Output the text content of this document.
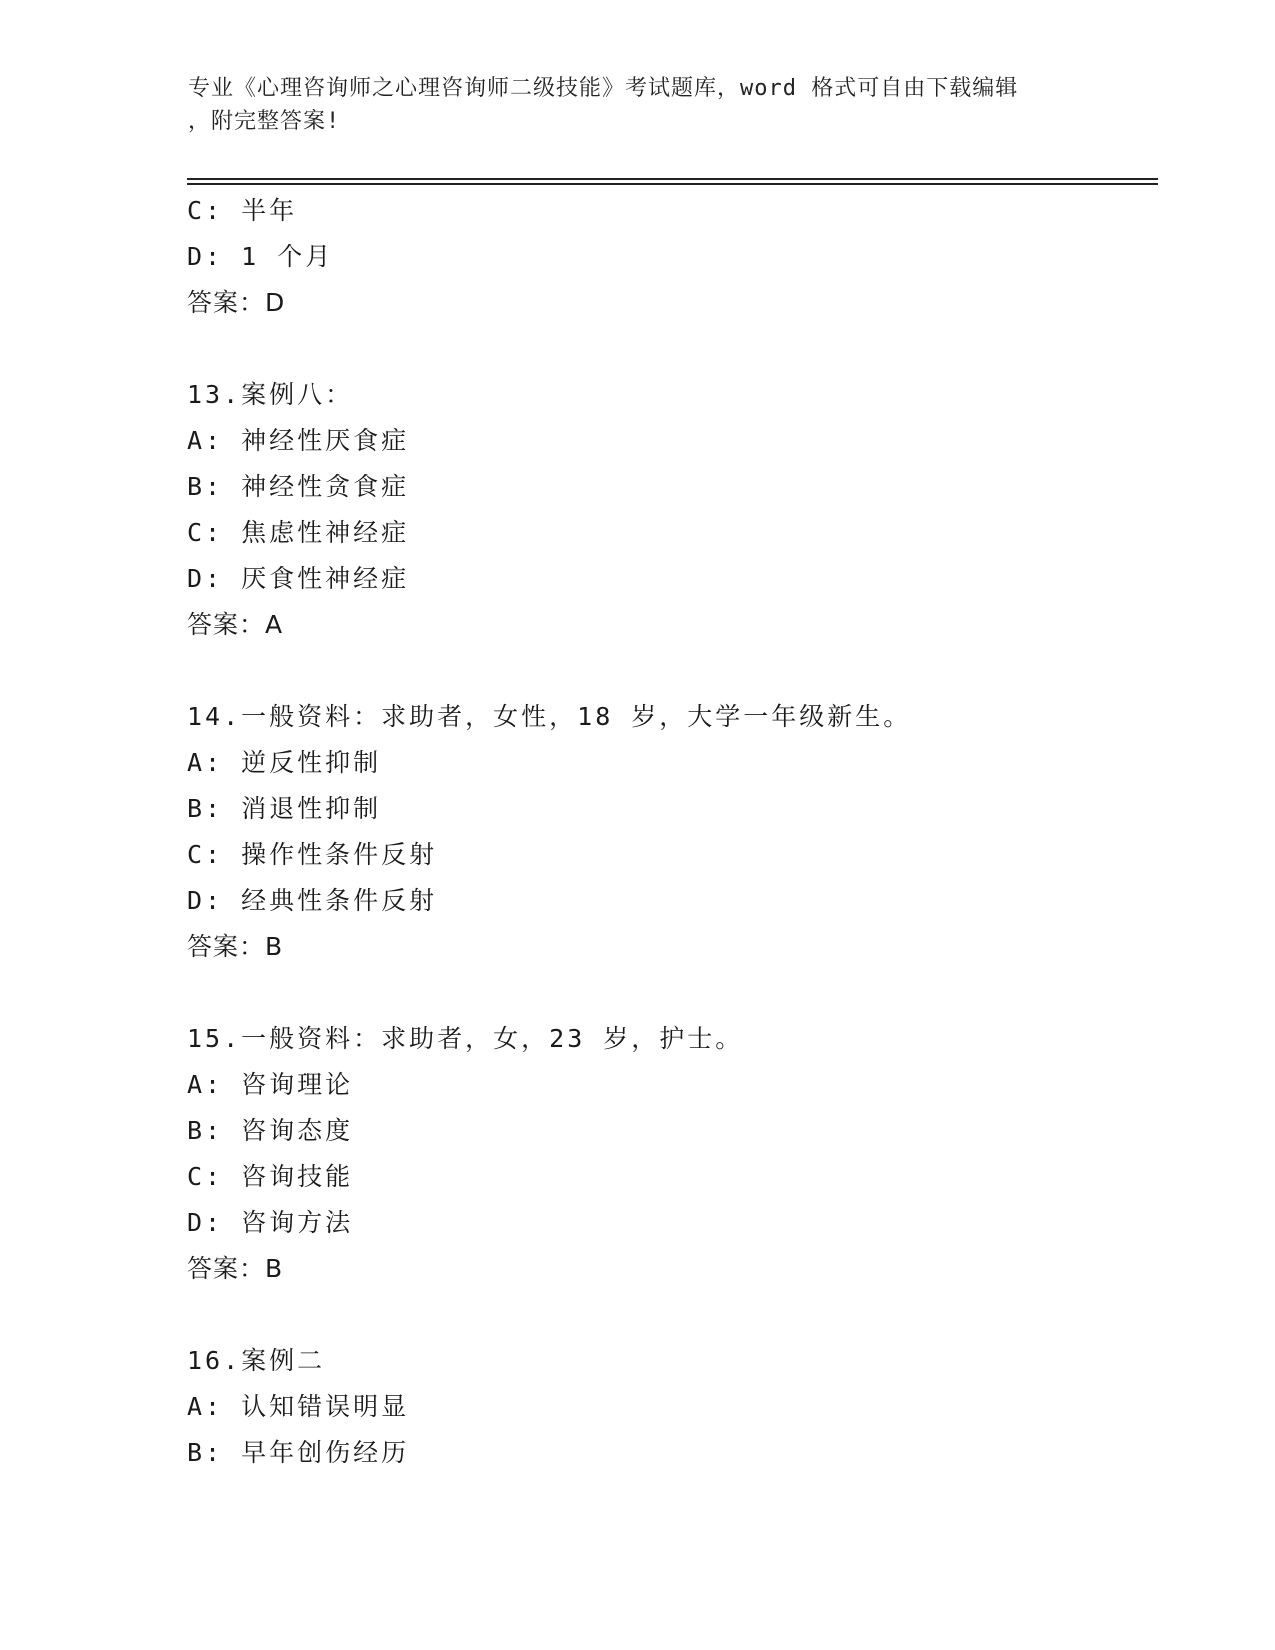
专业《心理咨询师之心理咨询师二级技能》考试题库，word 格式可自由下载编辑
，附完整答案!
C: 半年
D: 1 个月
答案：D
13.案例八：
A: 神经性厌食症
B: 神经性贪食症
C: 焦虑性神经症
D: 厌食性神经症
答案：A
14.一般资料：求助者，女性，18 岁，大学一年级新生。
A: 逆反性抑制
B: 消退性抑制
C: 操作性条件反射
D: 经典性条件反射
答案：B
15.一般资料：求助者，女，23 岁，护士。
A: 咨询理论
B: 咨询态度
C: 咨询技能
D: 咨询方法
答案：B
16.案例二
A: 认知错误明显
B: 早年创伤经历
